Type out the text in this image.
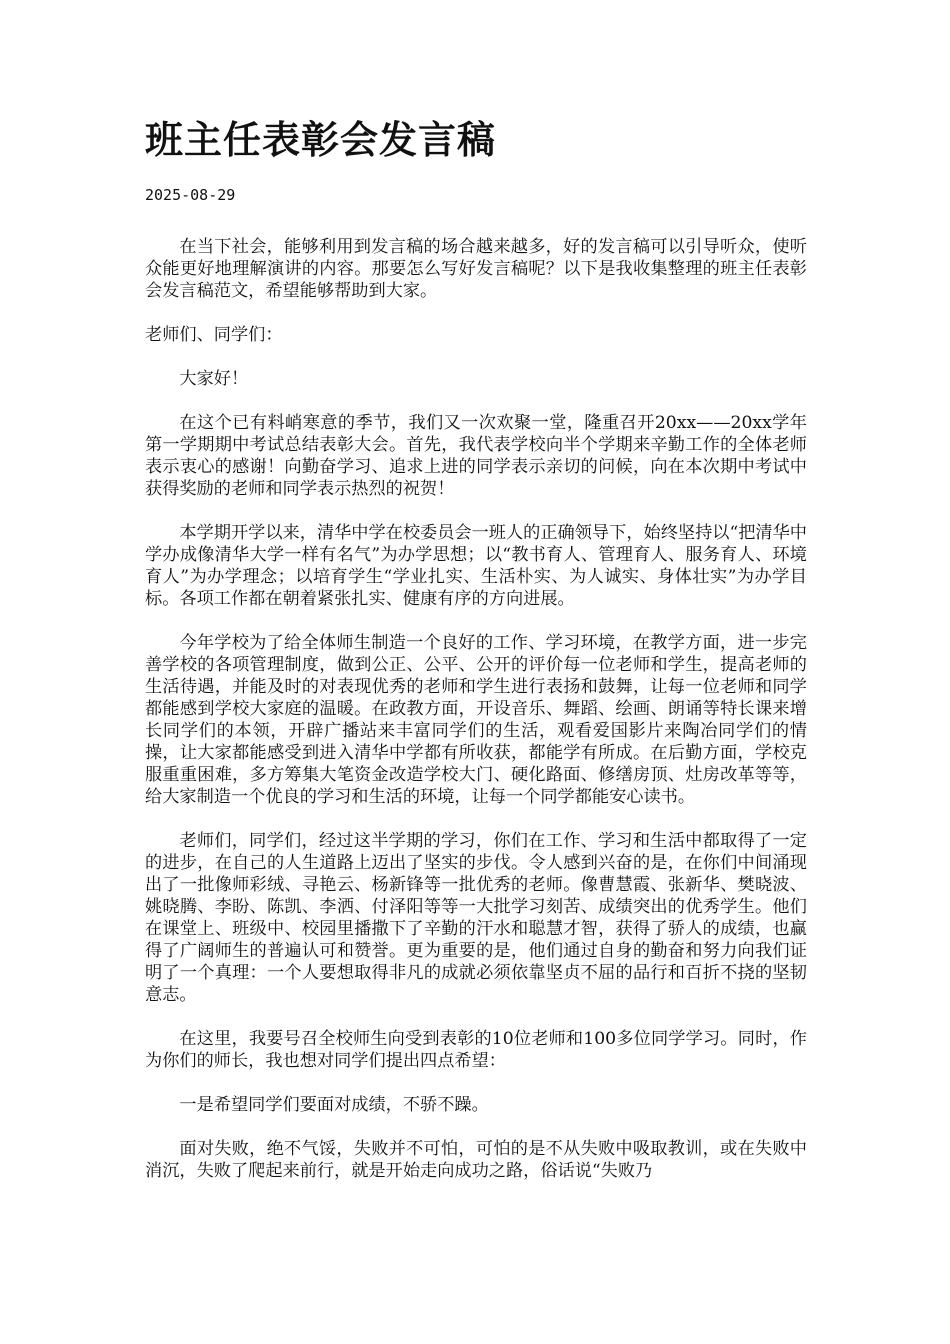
班主任表彰会发言稿
2025-08-29

在当下社会，能够利用到发言稿的场合越来越多，好的发言稿可以引导听众，使听众能更好地理解演讲的内容。那要怎么写好发言稿呢？以下是我收集整理的班主任表彰会发言稿范文，希望能够帮助到大家。

老师们、同学们：

大家好！

在这个已有料峭寒意的季节，我们又一次欢聚一堂，隆重召开20xx——20xx学年第一学期期中考试总结表彰大会。首先，我代表学校向半个学期来辛勤工作的全体老师表示衷心的感谢！向勤奋学习、追求上进的同学表示亲切的问候，向在本次期中考试中获得奖励的老师和同学表示热烈的祝贺！

本学期开学以来，清华中学在校委员会一班人的正确领导下，始终坚持以“把清华中学办成像清华大学一样有名气”为办学思想；以“教书育人、管理育人、服务育人、环境育人”为办学理念；以培育学生“学业扎实、生活朴实、为人诚实、身体壮实”为办学目标。各项工作都在朝着紧张扎实、健康有序的方向进展。

今年学校为了给全体师生制造一个良好的工作、学习环境，在教学方面，进一步完善学校的各项管理制度，做到公正、公平、公开的评价每一位老师和学生，提高老师的生活待遇，并能及时的对表现优秀的老师和学生进行表扬和鼓舞，让每一位老师和同学都能感到学校大家庭的温暖。在政教方面，开设音乐、舞蹈、绘画、朗诵等特长课来增长同学们的本领，开辟广播站来丰富同学们的生活，观看爱国影片来陶冶同学们的情操，让大家都能感受到进入清华中学都有所收获，都能学有所成。在后勤方面，学校克服重重困难，多方筹集大笔资金改造学校大门、硬化路面、修缮房顶、灶房改革等等，给大家制造一个优良的学习和生活的环境，让每一个同学都能安心读书。

老师们，同学们，经过这半学期的学习，你们在工作、学习和生活中都取得了一定的进步，在自己的人生道路上迈出了坚实的步伐。令人感到兴奋的是，在你们中间涌现出了一批像师彩绒、寻艳云、杨新锋等一批优秀的老师。像曹慧霞、张新华、樊晓波、姚晓腾、李盼、陈凯、李洒、付泽阳等等一大批学习刻苦、成绩突出的优秀学生。他们在课堂上、班级中、校园里播撒下了辛勤的汗水和聪慧才智，获得了骄人的成绩，也赢得了广阔师生的普遍认可和赞誉。更为重要的是，他们通过自身的勤奋和努力向我们证明了一个真理：一个人要想取得非凡的成就必须依靠坚贞不屈的品行和百折不挠的坚韧意志。

在这里，我要号召全校师生向受到表彰的10位老师和100多位同学学习。同时，作为你们的师长，我也想对同学们提出四点希望：

一是希望同学们要面对成绩，不骄不躁。

面对失败，绝不气馁，失败并不可怕，可怕的是不从失败中吸取教训，或在失败中消沉，失败了爬起来前行，就是开始走向成功之路，俗话说“失败乃
